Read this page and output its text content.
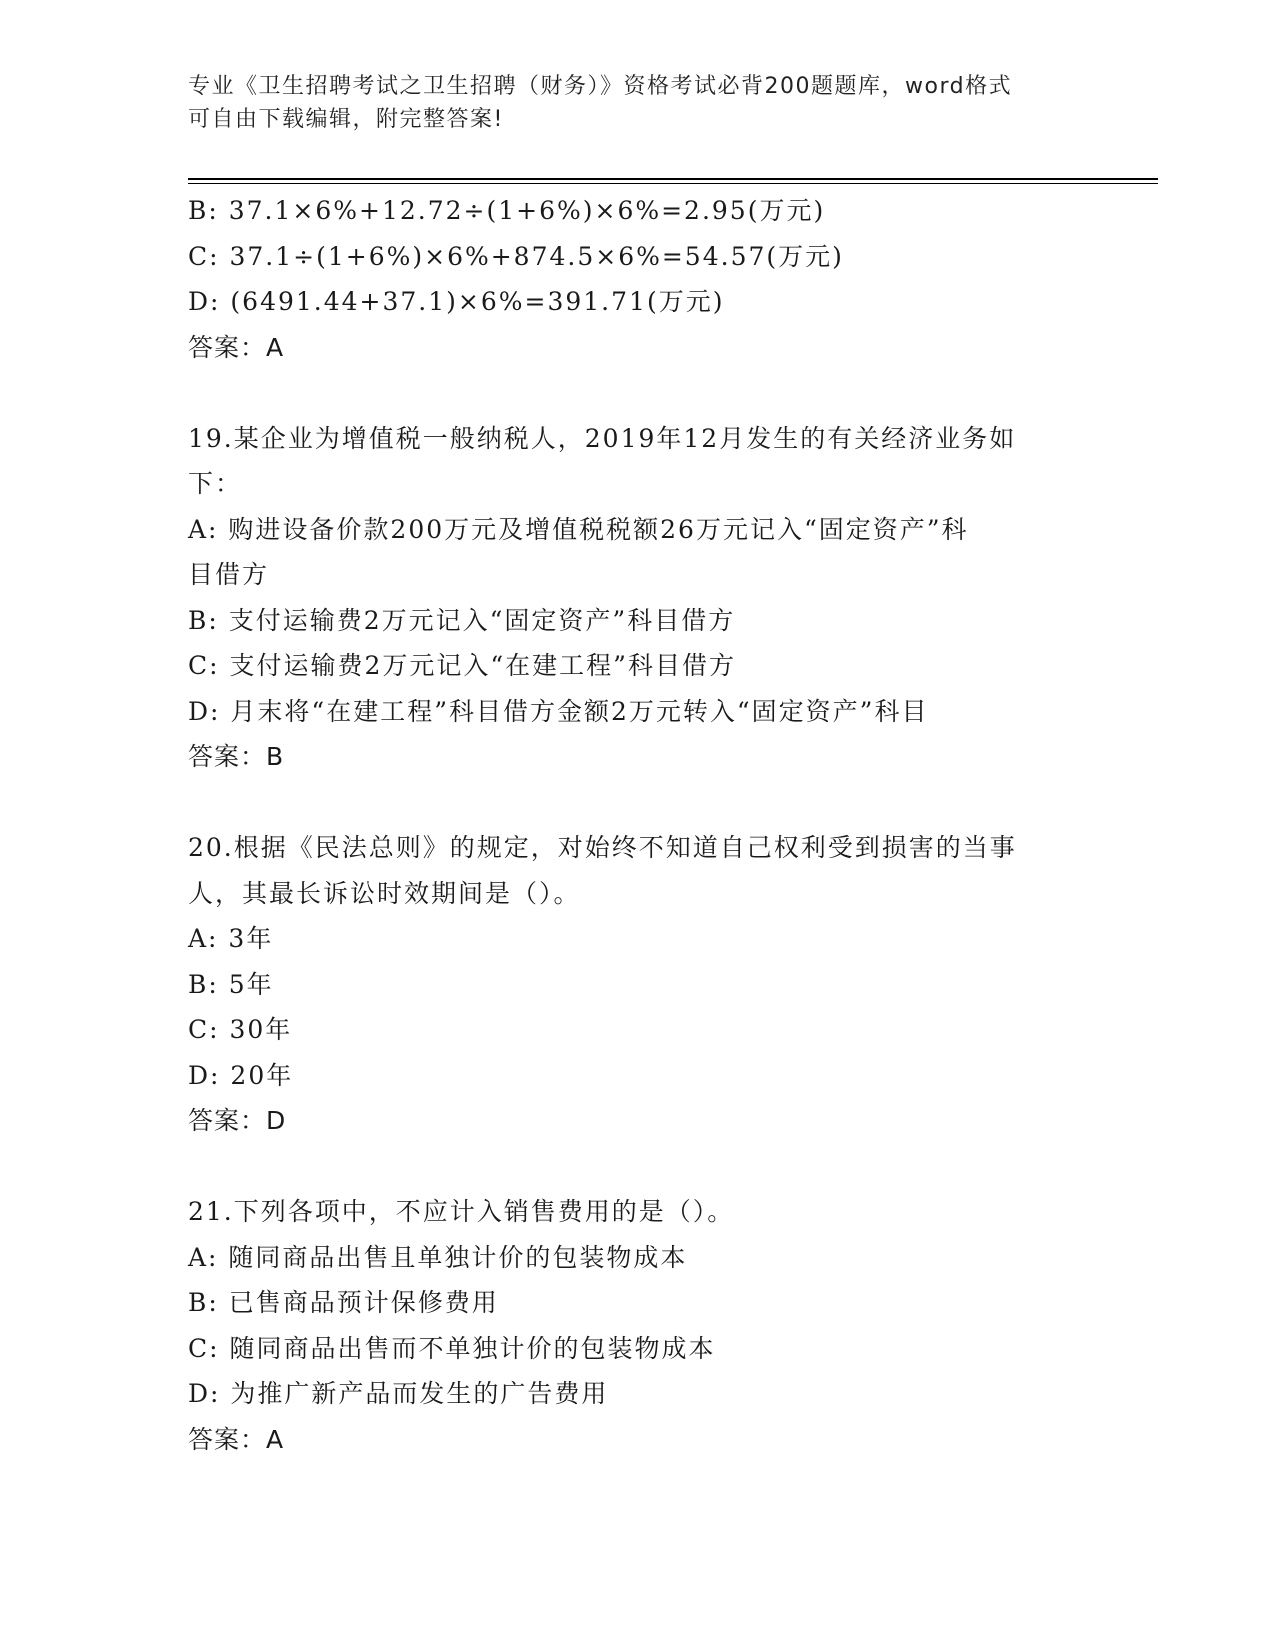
专业《卫生招聘考试之卫生招聘（财务）》资格考试必背200题题库，word格式
可自由下载编辑，附完整答案!
B: 37.1×6%+12.72÷(1+6%)×6%=2.95(万元)
C: 37.1÷(1+6%)×6%+874.5×6%=54.57(万元)
D: (6491.44+37.1)×6%=391.71(万元)
答案：A
19.某企业为增值税一般纳税人，2019年12月发生的有关经济业务如
下：
A: 购进设备价款200万元及增值税税额26万元记入“固定资产”科
目借方
B: 支付运输费2万元记入“固定资产”科目借方
C: 支付运输费2万元记入“在建工程”科目借方
D: 月末将“在建工程”科目借方金额2万元转入“固定资产”科目
答案：B
20.根据《民法总则》的规定，对始终不知道自己权利受到损害的当事
人，其最长诉讼时效期间是（）。
A: 3年
B: 5年
C: 30年
D: 20年
答案：D
21.下列各项中，不应计入销售费用的是（）。
A: 随同商品出售且单独计价的包装物成本
B: 已售商品预计保修费用
C: 随同商品出售而不单独计价的包装物成本
D: 为推广新产品而发生的广告费用
答案：A
